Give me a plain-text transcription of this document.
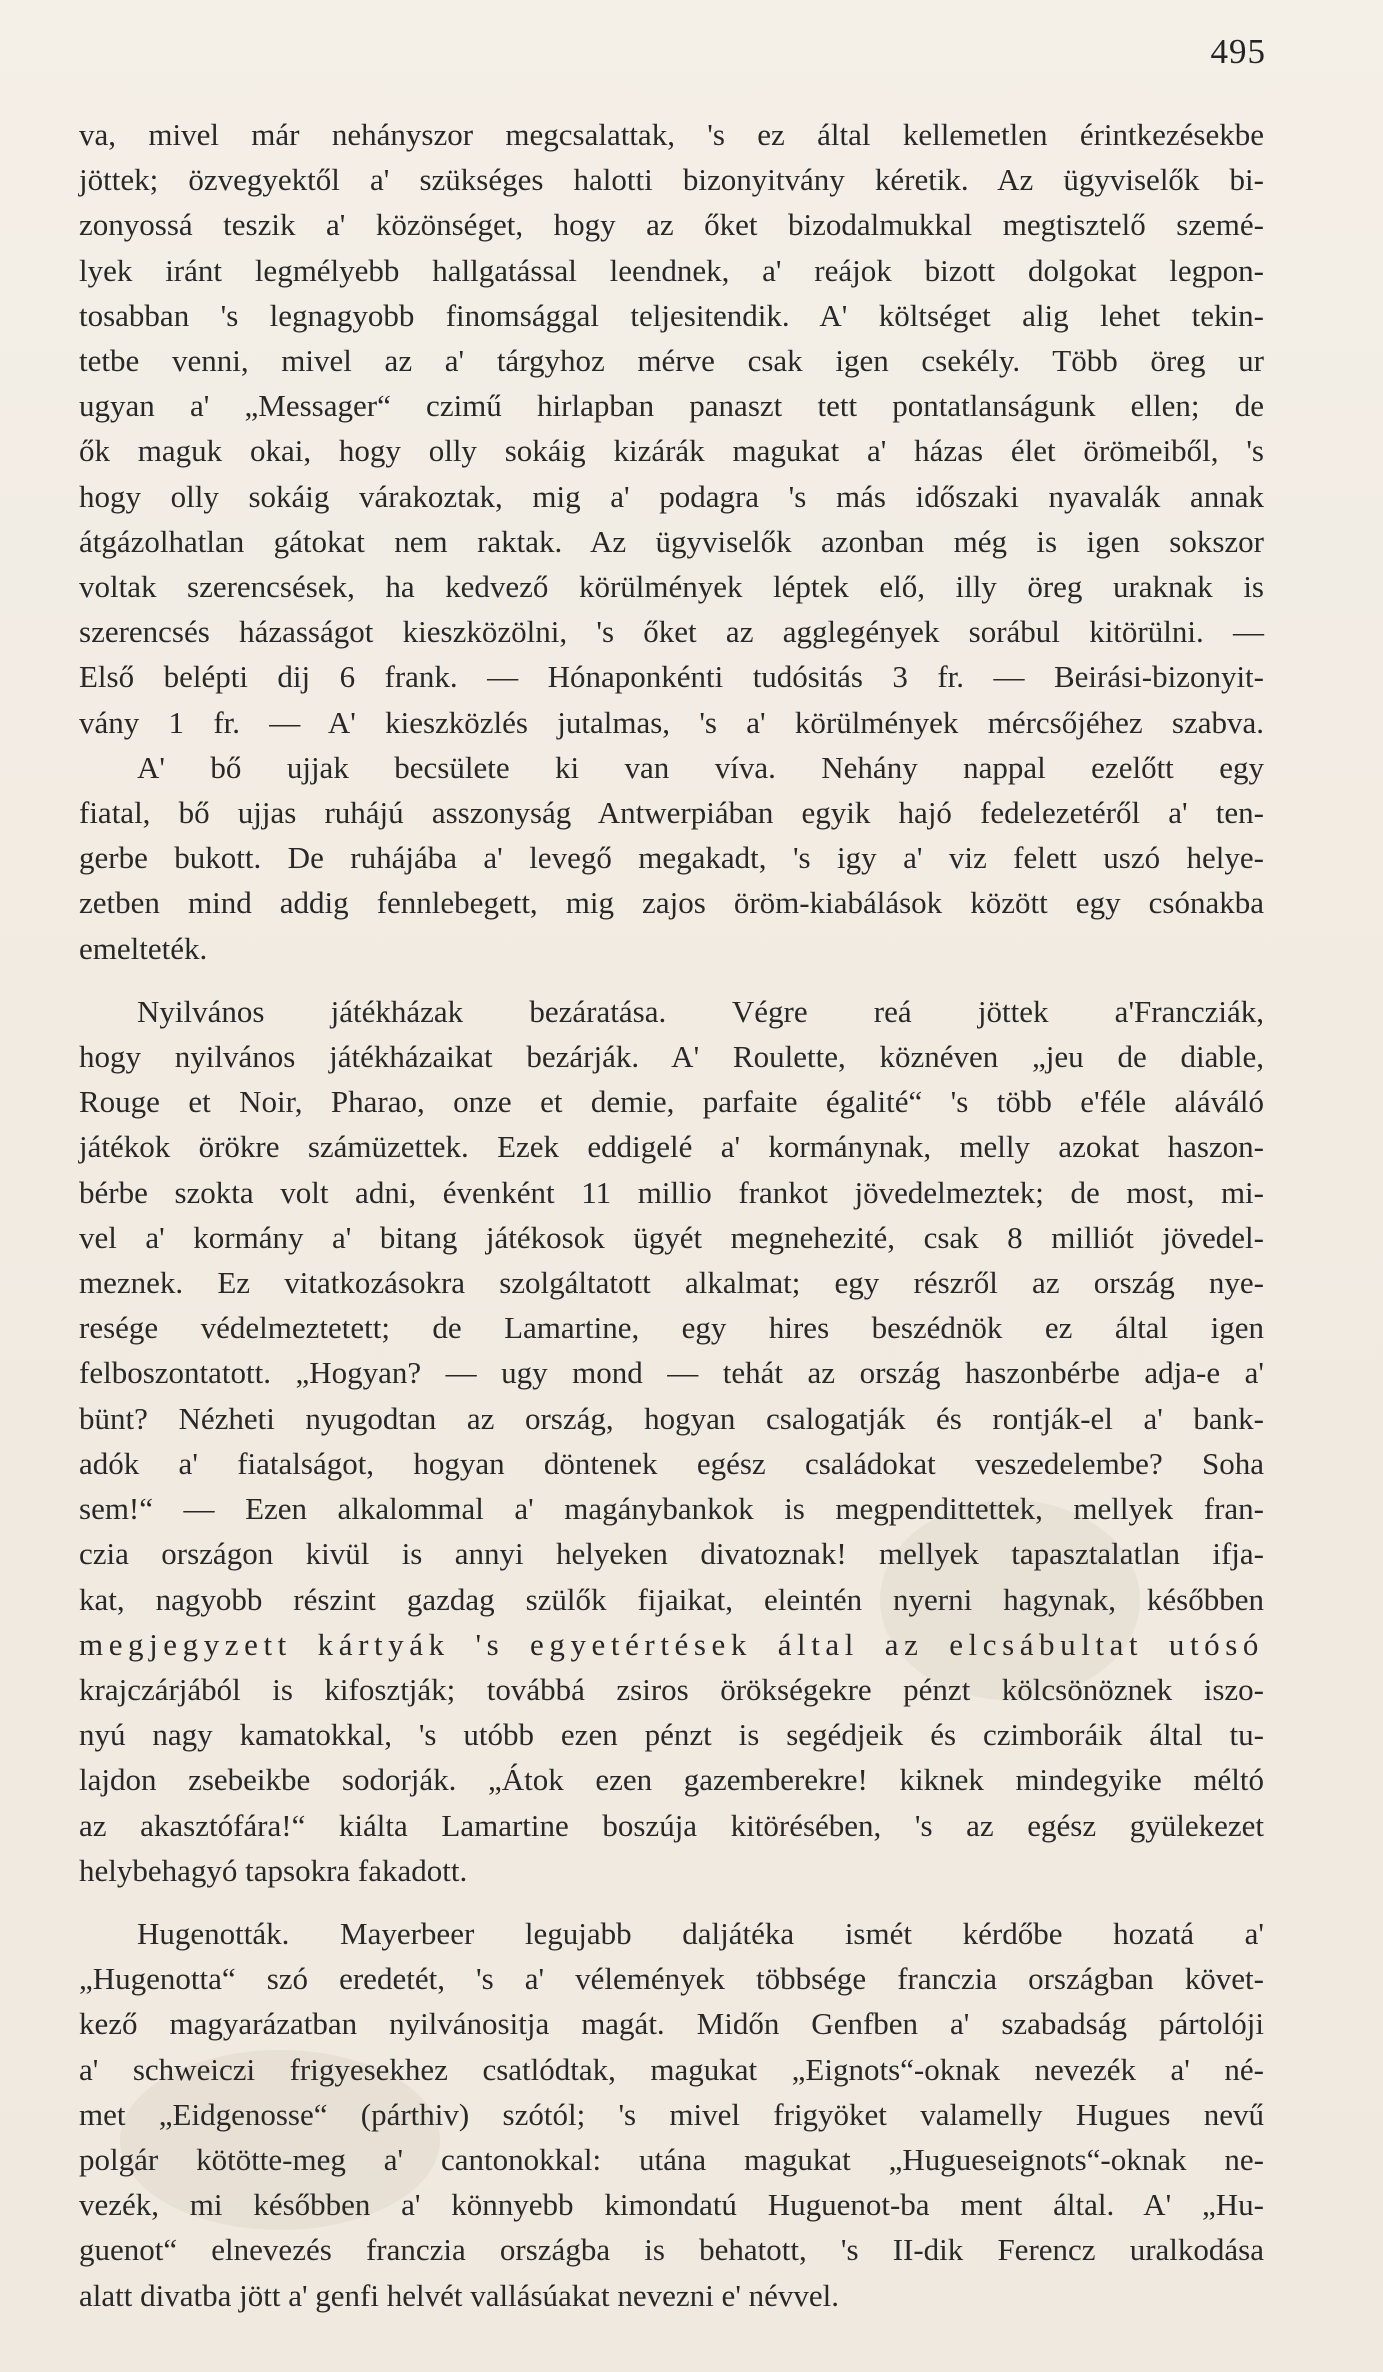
495

va, mivel már nehányszor megcsalattak, 's ez által kellemetlen érintkezésekbe

jöttek; özvegyektől a' szükséges halotti bizonyitvány kéretik. Az ügyviselők bi-

zonyossá teszik a' közönséget, hogy az őket bizodalmukkal megtisztelő szemé-

lyek iránt legmélyebb hallgatással leendnek, a' reájok bizott dolgokat legpon-

tosabban 's legnagyobb finomsággal teljesitendik. A' költséget alig lehet tekin-

tetbe venni, mivel az a' tárgyhoz mérve csak igen csekély. Több öreg ur

ugyan a' „Messager“ czimű hirlapban panaszt tett pontatlanságunk ellen; de

ők maguk okai, hogy olly sokáig kizárák magukat a' házas élet örömeiből, 's

hogy olly sokáig várakoztak, mig a' podagra 's más időszaki nyavalák annak

átgázolhatlan gátokat nem raktak. Az ügyviselők azonban még is igen sokszor

voltak szerencsések, ha kedvező körülmények léptek elő, illy öreg uraknak is

szerencsés házasságot kieszközölni, 's őket az agglegények sorábul kitörülni. —

Első belépti dij 6 frank. — Hónaponkénti tudósitás 3 fr. — Beirási-bizonyit-

vány 1 fr. — A' kieszközlés jutalmas, 's a' körülmények mércsőjéhez szabva.

A' bő ujjak becsülete ki van víva. Nehány nappal ezelőtt egy

fiatal, bő ujjas ruhájú asszonyság Antwerpiában egyik hajó fedelezetéről a' ten-

gerbe bukott. De ruhájába a' levegő megakadt, 's igy a' viz felett uszó helye-

zetben mind addig fennlebegett, mig zajos öröm-kiabálások között egy csónakba

emelteték.

Nyilvános játékházak bezáratása. Végre reá jöttek a'Francziák,

hogy nyilvános játékházaikat bezárják. A' Roulette, köznéven „jeu de diable,

Rouge et Noir, Pharao, onze et demie, parfaite égalité“ 's több e'féle aláváló

játékok örökre számüzettek. Ezek eddigelé a' kormánynak, melly azokat haszon-

bérbe szokta volt adni, évenként 11 millio frankot jövedelmeztek; de most, mi-

vel a' kormány a' bitang játékosok ügyét megnehezité, csak 8 milliót jövedel-

meznek. Ez vitatkozásokra szolgáltatott alkalmat; egy részről az ország nye-

resége védelmeztetett; de Lamartine, egy hires beszédnök ez által igen

felboszontatott. „Hogyan? — ugy mond — tehát az ország haszonbérbe adja-e a'

bünt? Nézheti nyugodtan az ország, hogyan csalogatják és rontják-el a' bank-

adók a' fiatalságot, hogyan döntenek egész családokat veszedelembe? Soha

sem!“ — Ezen alkalommal a' magánybankok is megpendittettek, mellyek fran-

czia országon kivül is annyi helyeken divatoznak! mellyek tapasztalatlan ifja-

kat, nagyobb részint gazdag szülők fijaikat, eleintén nyerni hagynak, későbben

megjegyzett kártyák 's egyetértések által az elcsábultat utósó

krajczárjából is kifosztják; továbbá zsiros örökségekre pénzt kölcsönöznek iszo-

nyú nagy kamatokkal, 's utóbb ezen pénzt is segédjeik és czimboráik által tu-

lajdon zsebeikbe sodorják. „Átok ezen gazemberekre! kiknek mindegyike méltó

az akasztófára!“ kiálta Lamartine boszúja kitörésében, 's az egész gyülekezet

helybehagyó tapsokra fakadott.

Hugenották. Mayerbeer legujabb daljátéka ismét kérdőbe hozatá a'

„Hugenotta“ szó eredetét, 's a' vélemények többsége franczia országban követ-

kező magyarázatban nyilvánositja magát. Midőn Genfben a' szabadság pártolóji

a' schweiczi frigyesekhez csatlódtak, magukat „Eignots“-oknak nevezék a' né-

met „Eidgenosse“ (párthiv) szótól; 's mivel frigyöket valamelly Hugues nevű

polgár kötötte-meg a' cantonokkal: utána magukat „Hugueseignots“-oknak ne-

vezék, mi későbben a' könnyebb kimondatú Huguenot-ba ment által. A' „Hu-

guenot“ elnevezés franczia országba is behatott, 's II-dik Ferencz uralkodása

alatt divatba jött a' genfi helvét vallásúakat nevezni e' névvel.
